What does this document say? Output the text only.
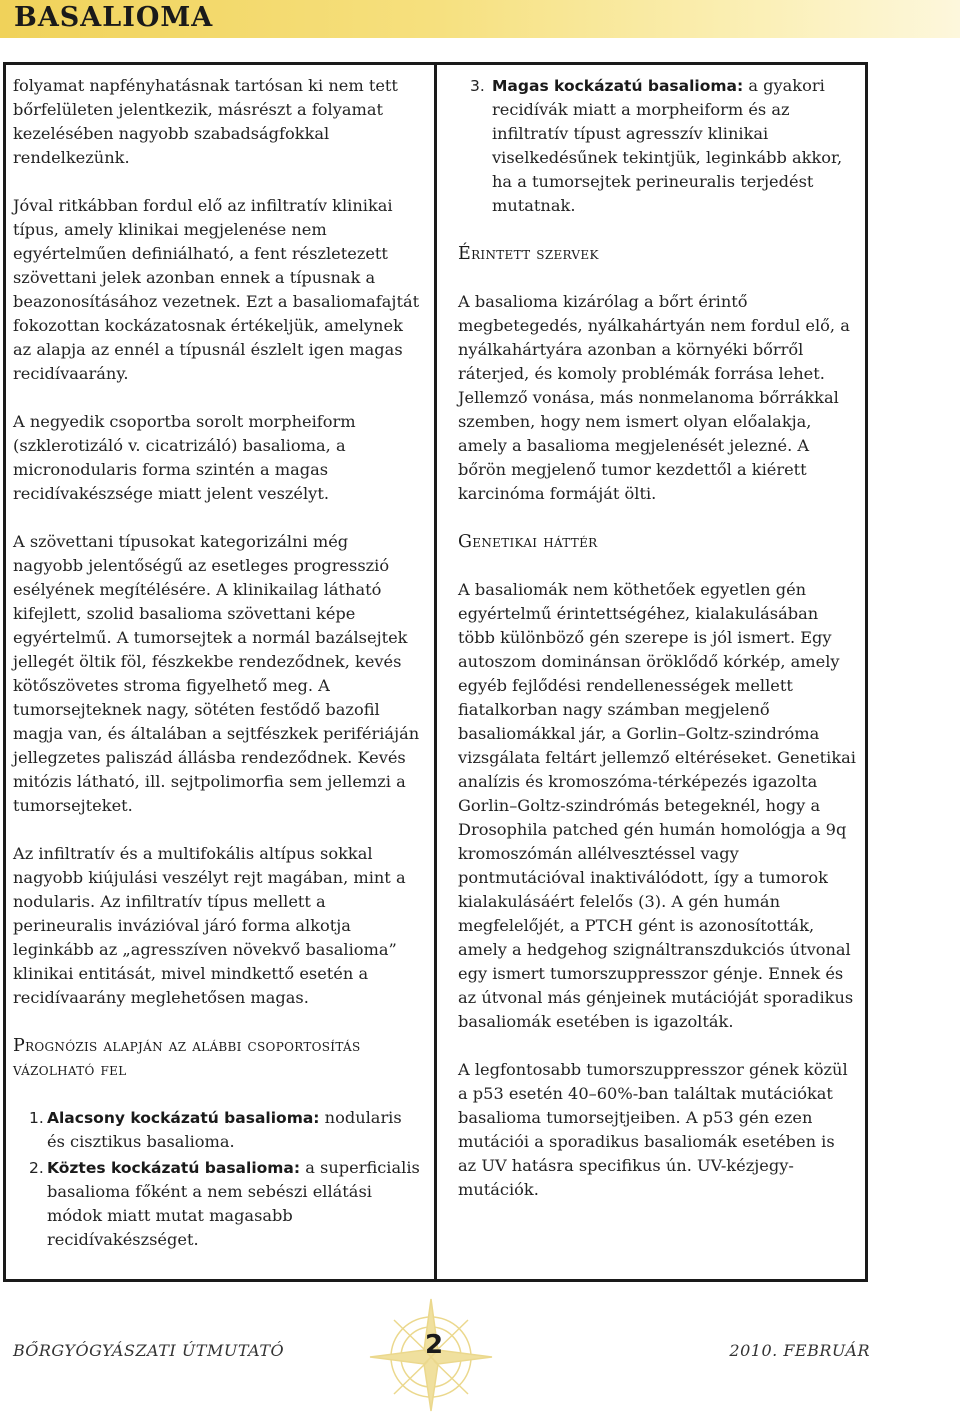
BASALIOMA

folyamat napfényhatásnak tartósan ki nem tett bőrfelületen jelentkezik, másrészt a folyamat kezelésében nagyobb szabadságfokkal rendelkezünk.

Jóval ritkábban fordul elő az infiltratív klinikai típus, amely klinikai megjelenése nem egyértelműen definiálható, a fent részletezett szövettani jelek azonban ennek a típusnak a beazonosításához vezetnek. Ezt a basaliomafajtát fokozottan kockázatosnak értékeljük, amelynek az alapja az ennél a típusnál észlelt igen magas recidívaarány.

A negyedik csoportba sorolt morpheiform (szklerotizáló v. cicatrizáló) basalioma, a micronodularis forma szintén a magas recidívakészsége miatt jelent veszélyt.

A szövettani típusokat kategorizálni még nagyobb jelentőségű az esetleges progresszió esélyének megítélésére. A klinikailag látható kifejlett, szolid basalioma szövettani képe egyértelmű. A tumorsejtek a normál bazálsejtek jellegét öltik föl, fészkekbe rendeződnek, kevés kötőszövetes stroma figyelhető meg. A tumorsejteknek nagy, sötéten festődő bazofil magja van, és általában a sejtfészkek perifériáján jellegzetes paliszád állásba rendeződnek. Kevés mitózis látható, ill. sejtpolimorfia sem jellemzi a tumorsejteket.

Az infiltratív és a multifokális altípus sokkal nagyobb kiújulási veszélyt rejt magában, mint a nodularis. Az infiltratív típus mellett a perineuralis invázióval járó forma alkotja leginkább az „agresszíven növekvő basalioma” klinikai entitását, mivel mindkettő esetén a recidívaarány meglehetősen magas.

Prognózis alapján az alábbi csoportosítás vázolható fel
1. Alacsony kockázatú basalioma: nodularis és cisztikus basalioma.
2. Köztes kockázatú basalioma: a superficialis basalioma főként a nem sebészi ellátási módok miatt mutat magasabb recidívakészséget.
3. Magas kockázatú basalioma: a gyakori recidívák miatt a morpheiform és az infiltratív típust agresszív klinikai viselkedésűnek tekintjük, leginkább akkor, ha a tumorsejtek perineuralis terjedést mutatnak.
Érintett szervek

A basalioma kizárólag a bőrt érintő megbetegedés, nyálkahártyán nem fordul elő, a nyálkahártyára azonban a környéki bőrről ráterjed, és komoly problémák forrása lehet. Jellemző vonása, más nonmelanoma bőrrákkal szemben, hogy nem ismert olyan előalakja, amely a basalioma megjelenését jelezné. A bőrön megjelenő tumor kezdettől a kiérett karcinóma formáját ölti.

Genetikai háttér

A basaliomák nem köthetőek egyetlen gén egyértelmű érintettségéhez, kialakulásában több különböző gén szerepe is jól ismert. Egy autoszom dominánsan öröklődő kórkép, amely egyéb fejlődési rendellenességek mellett fiatalkorban nagy számban megjelenő basaliomákkal jár, a Gorlin–Goltz-szindróma vizsgálata feltárt jellemző eltéréseket. Genetikai analízis és kromoszóma-térképezés igazolta Gorlin–Goltz-szindrómás betegeknél, hogy a Drosophila patched gén humán homológja a 9q kromoszómán allélvesztéssel vagy pontmutációval inaktiválódott, így a tumorok kialakulásáért felelős (3). A gén humán megfelelőjét, a PTCH gént is azonosították, amely a hedgehog szignáltranszdukciós útvonal egy ismert tumorszuppresszor génje. Ennek és az útvonal más génjeinek mutációját sporadikus basaliomák esetében is igazolták.

A legfontosabb tumorszuppresszor gének közül a p53 esetén 40–60%-ban találtak mutációkat basalioma tumorsejtjeiben. A p53 gén ezen mutációi a sporadikus basaliomák esetében is az UV hatásra specifikus ún. UV-kézjegy-mutációk.

BŐRGYÓGYÁSZATI ÚTMUTATÓ	2	2010. FEBRUÁR
